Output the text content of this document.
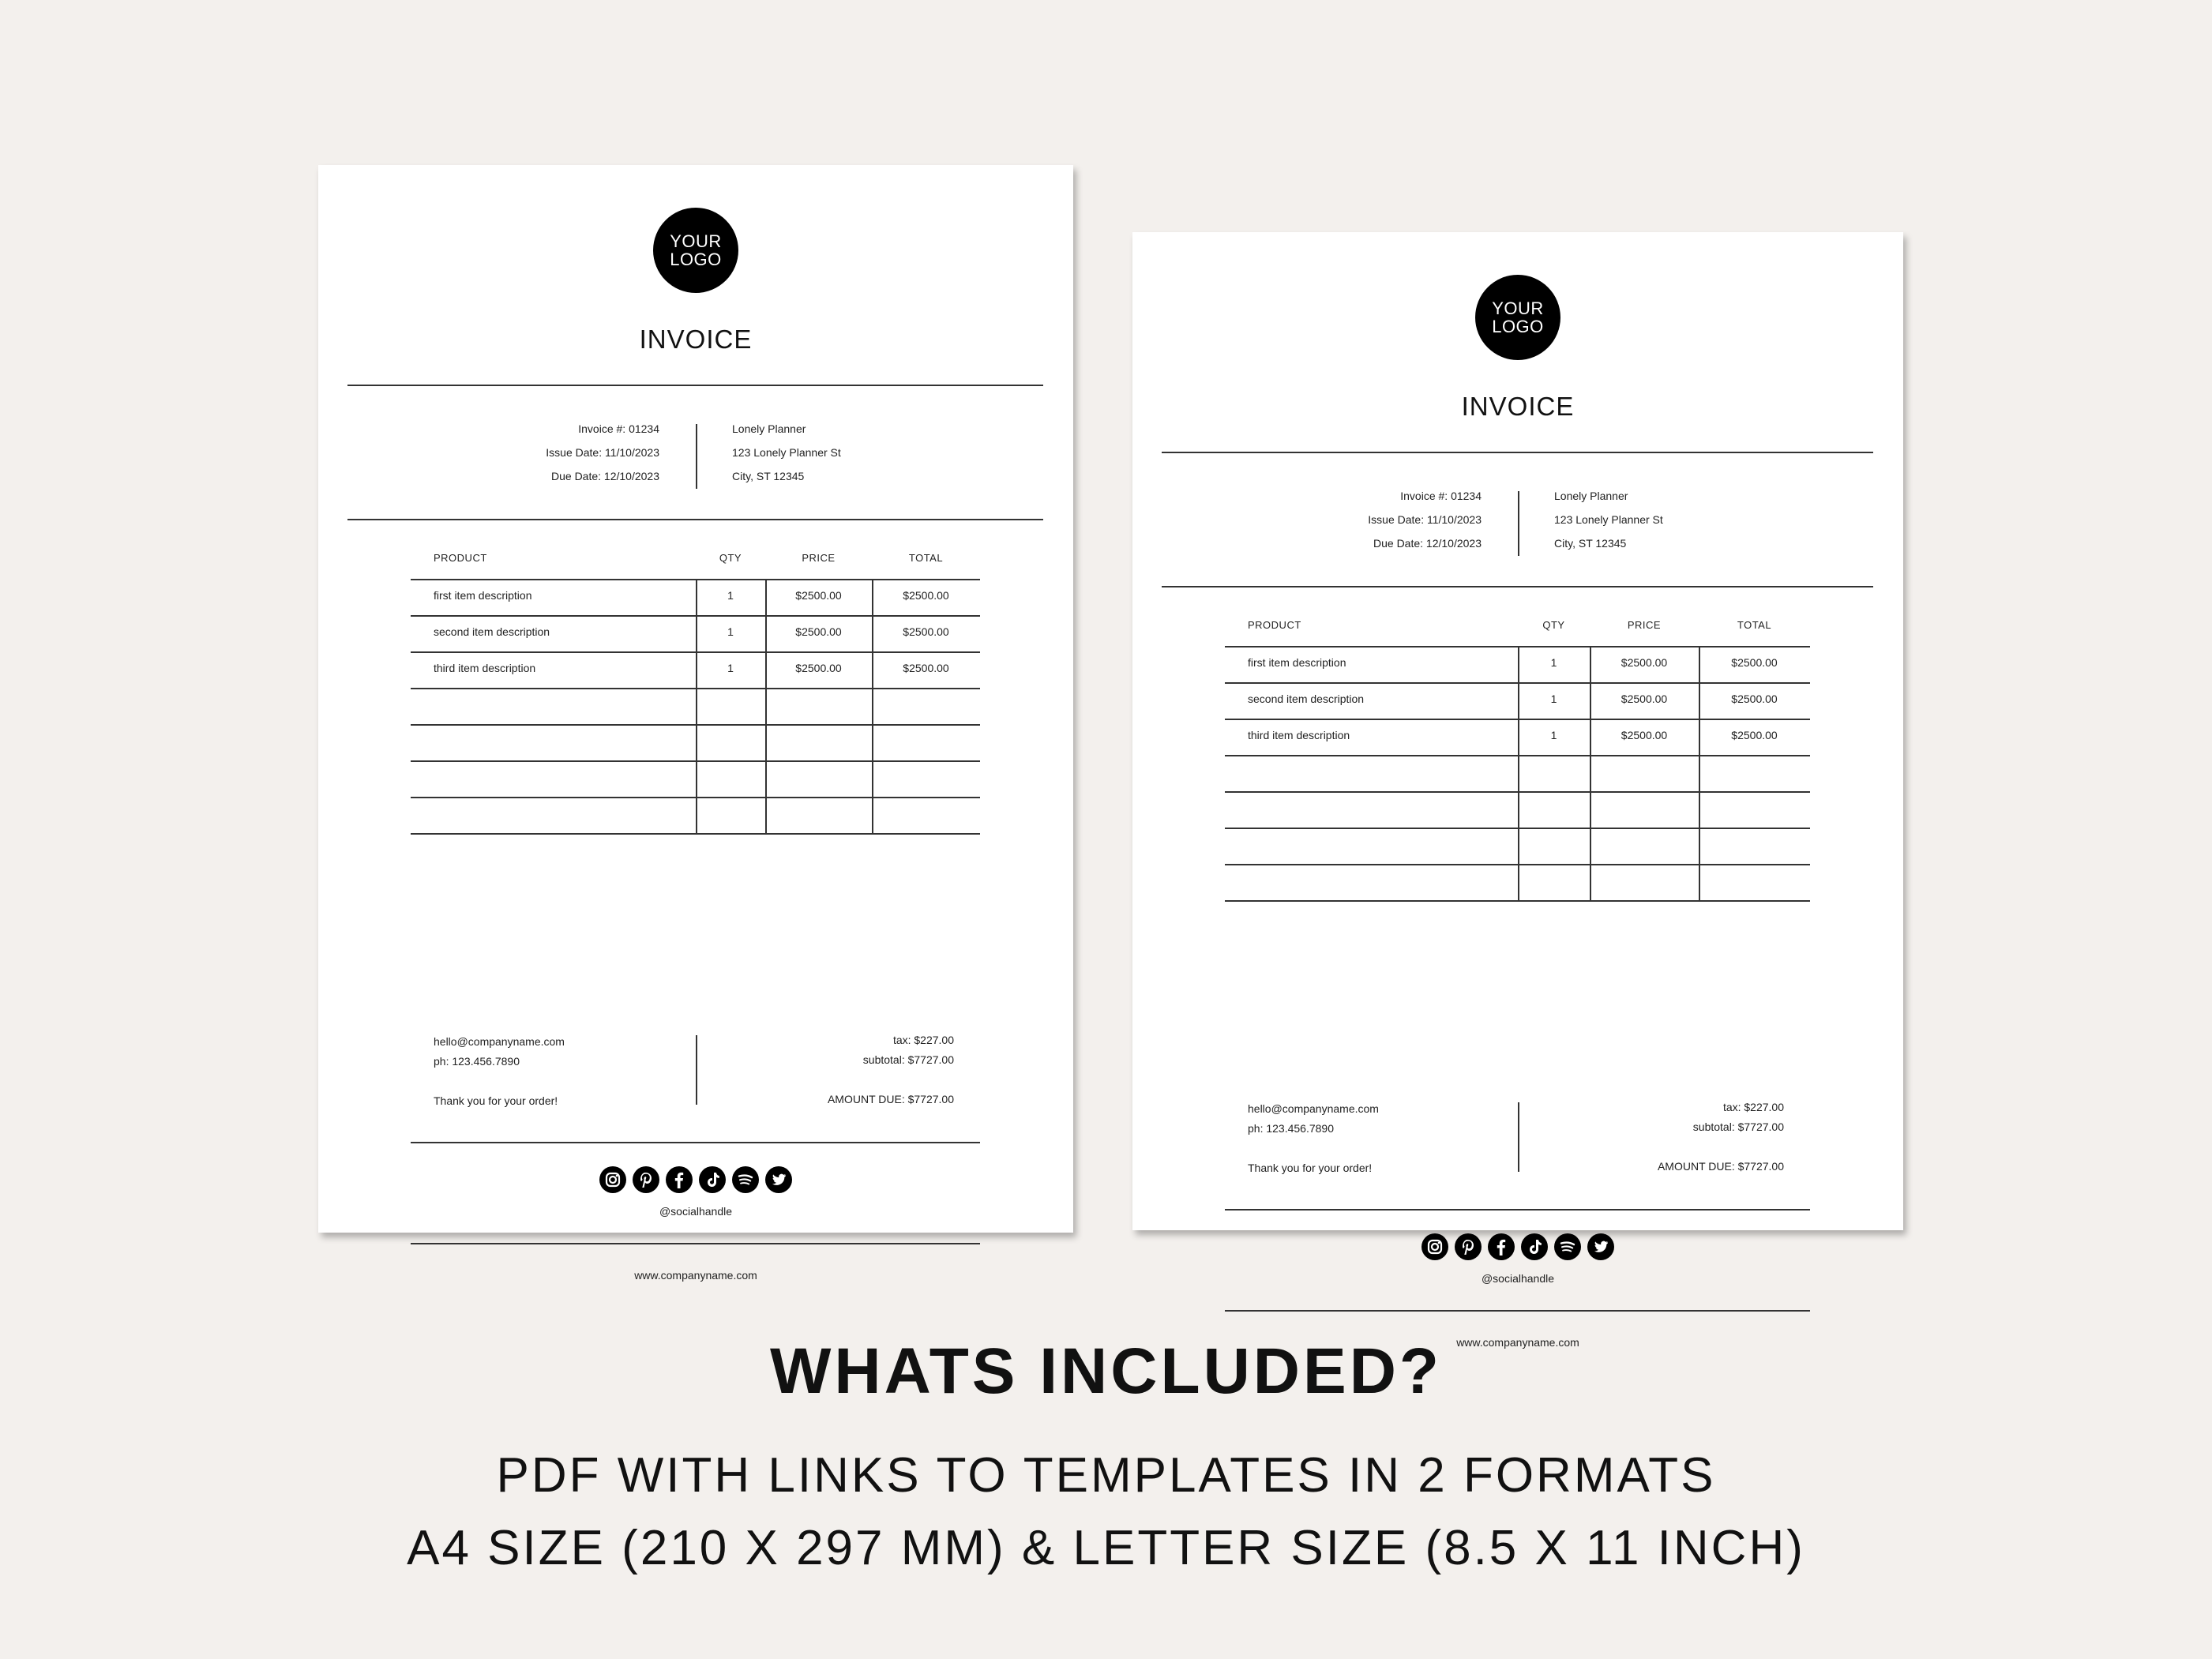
YOUR LOGO
INVOICE
Invoice #: 01234
Issue Date: 11/10/2023
Due Date: 12/10/2023
Lonely Planner
123 Lonely Planner St
City, ST 12345
PRODUCT	QTY	PRICE	TOTAL
first item description	1	$2500.00	$2500.00
second item description	1	$2500.00	$2500.00
third item description	1	$2500.00	$2500.00
hello@companyname.com
ph: 123.456.7890
Thank you for your order!
tax: $227.00
subtotal: $7727.00
AMOUNT DUE: $7727.00
@socialhandle
www.companyname.com
YOUR LOGO
INVOICE
Invoice #: 01234
Issue Date: 11/10/2023
Due Date: 12/10/2023
Lonely Planner
123 Lonely Planner St
City, ST 12345
PRODUCT	QTY	PRICE	TOTAL
first item description	1	$2500.00	$2500.00
second item description	1	$2500.00	$2500.00
third item description	1	$2500.00	$2500.00
hello@companyname.com
ph: 123.456.7890
Thank you for your order!
tax: $227.00
subtotal: $7727.00
AMOUNT DUE: $7727.00
@socialhandle
www.companyname.com
WHATS INCLUDED?
PDF WITH LINKS TO TEMPLATES IN 2 FORMATS
A4 SIZE (210 X 297 MM) & LETTER SIZE (8.5 X 11 INCH)
